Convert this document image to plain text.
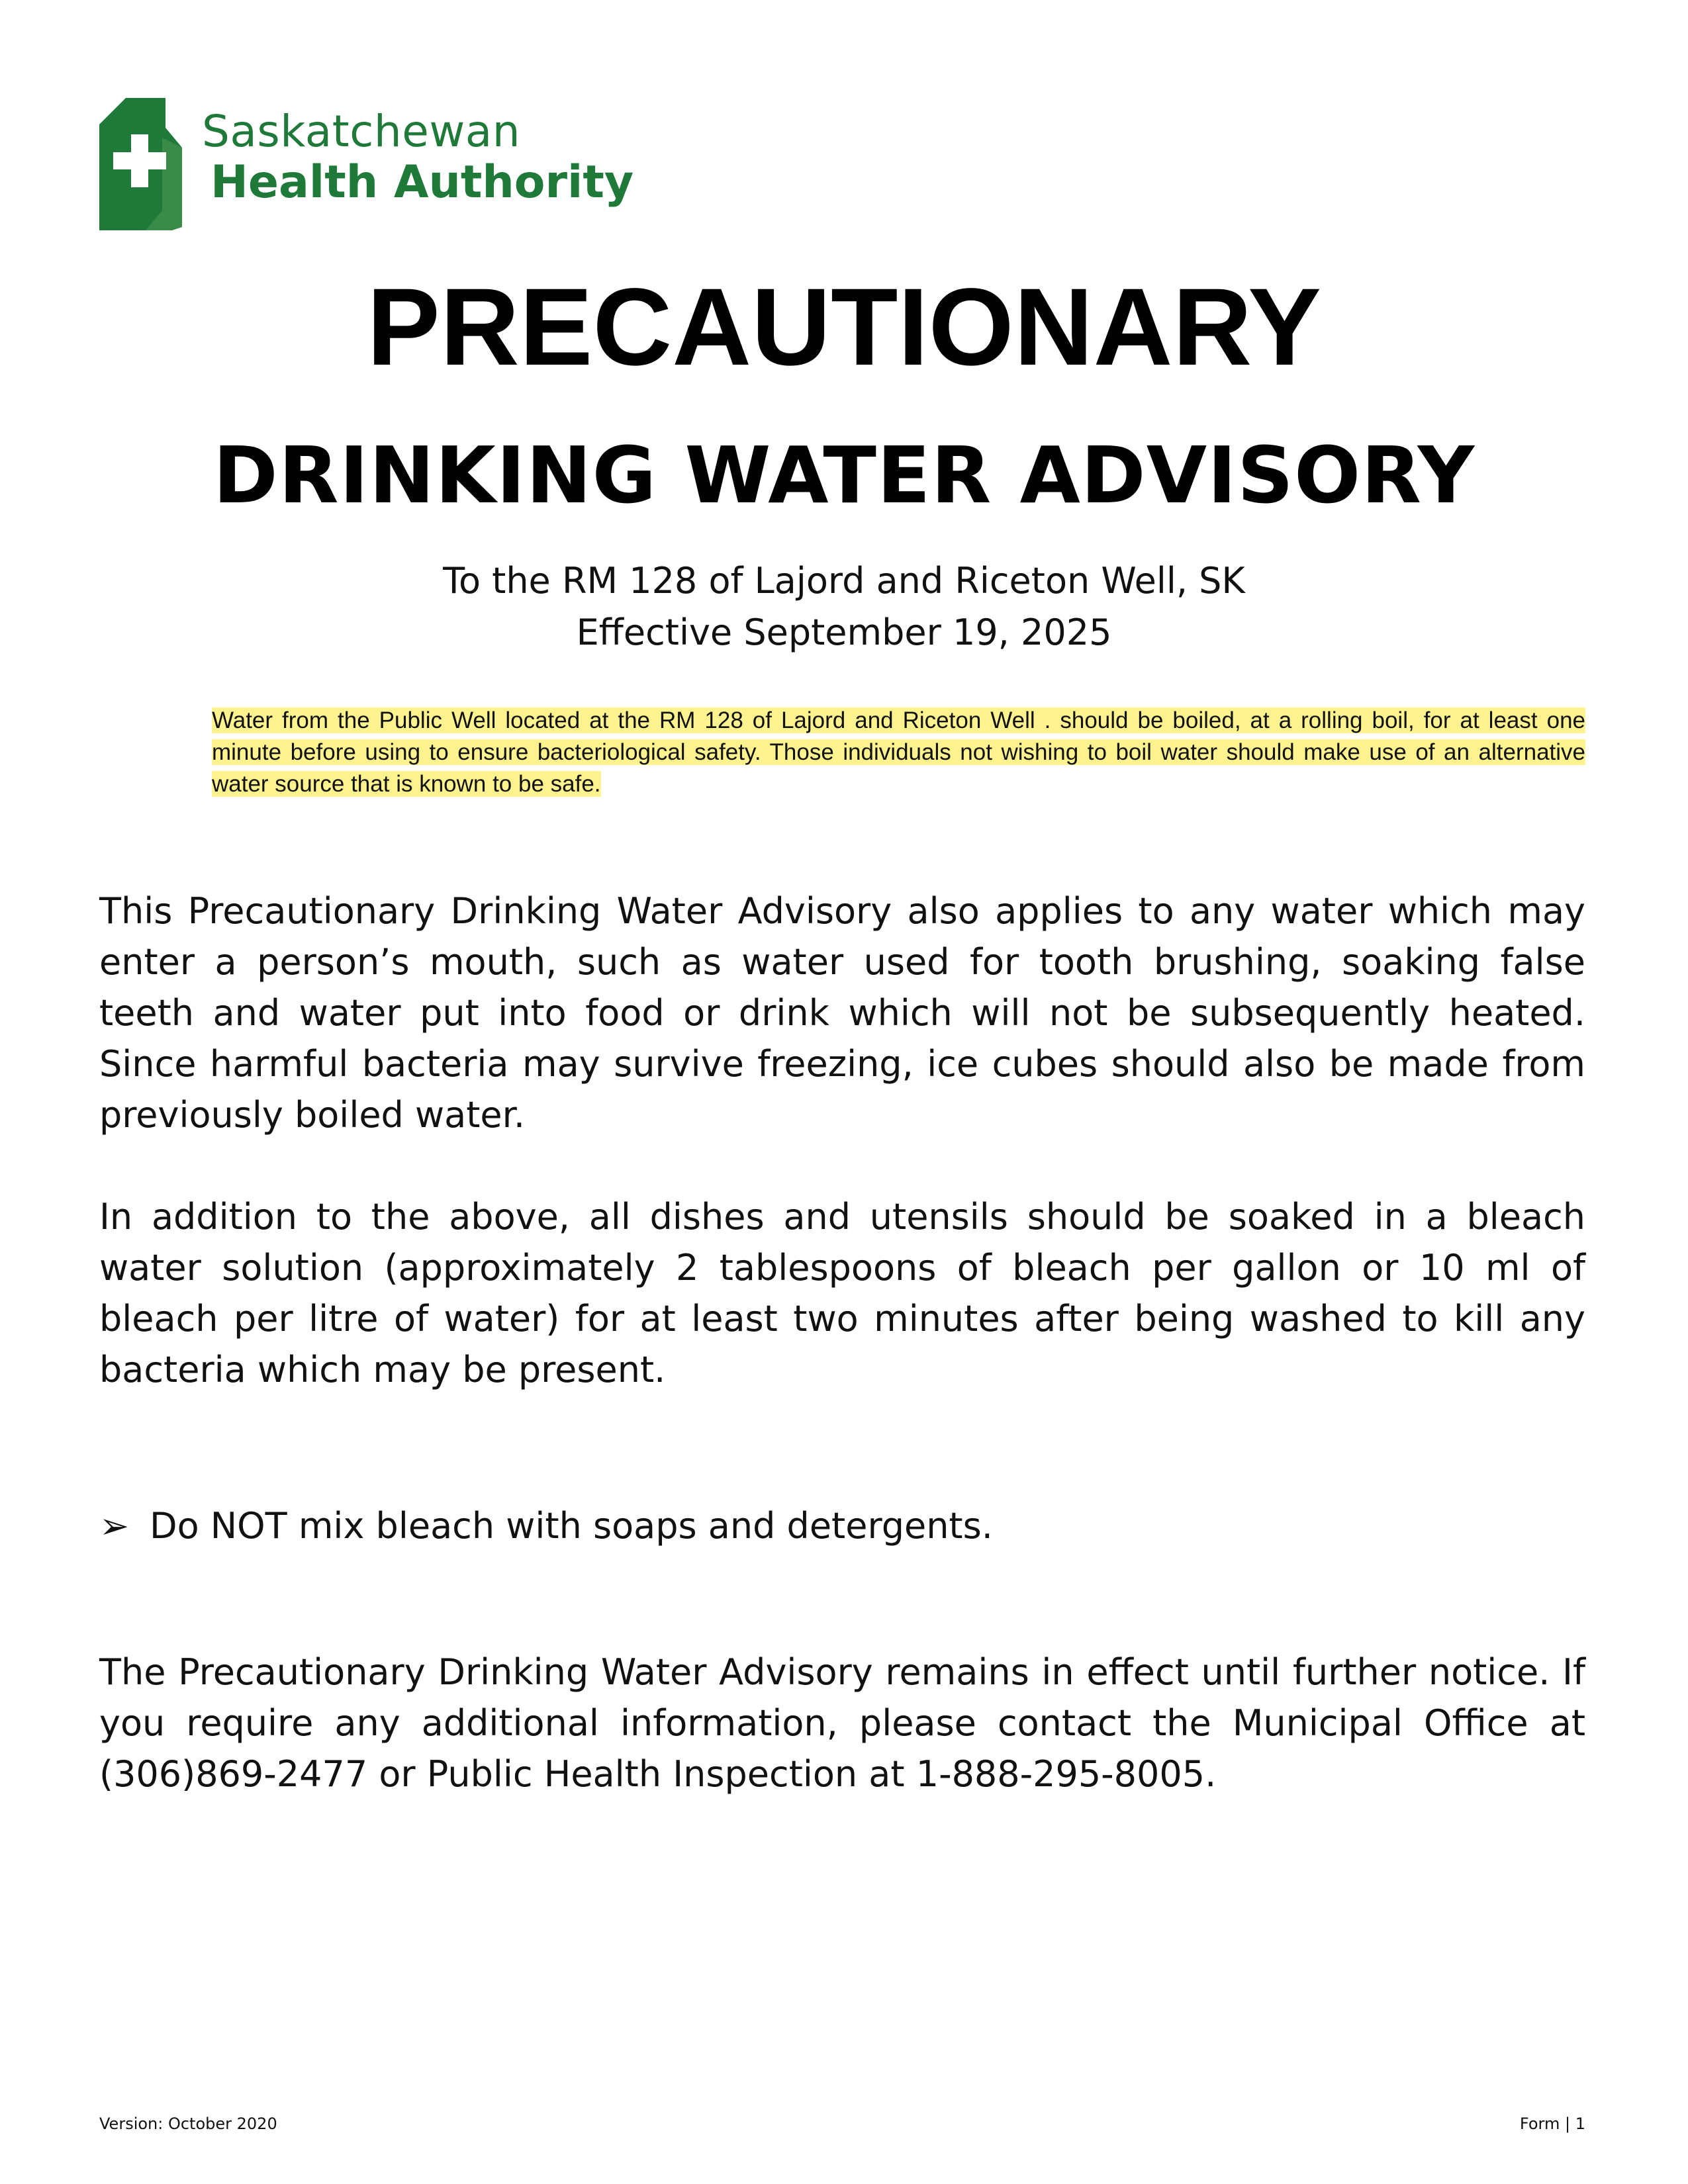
Saskatchewan
Health Authority
PRECAUTIONARY
DRINKING WATER ADVISORY
To the RM 128 of Lajord and Riceton Well, SK
Effective September 19, 2025
Water from the Public Well located at the RM 128 of Lajord and Riceton Well . should be boiled, at a rolling boil, for at least one minute before using to ensure bacteriological safety. Those individuals not wishing to boil water should make use of an alternative water source that is known to be safe.
This Precautionary Drinking Water Advisory also applies to any water which may enter a person’s mouth, such as water used for tooth brushing, soaking false teeth and water put into food or drink which will not be subsequently heated. Since harmful bacteria may survive freezing, ice cubes should also be made from previously boiled water.
In addition to the above, all dishes and utensils should be soaked in a bleach water solution (approximately 2 tablespoons of bleach per gallon or 10 ml of bleach per litre of water) for at least two minutes after being washed to kill any bacteria which may be present.
➢ Do NOT mix bleach with soaps and detergents.
The Precautionary Drinking Water Advisory remains in effect until further notice. If you require any additional information, please contact the Municipal Office at (306)869-2477 or Public Health Inspection at 1-888-295-8005.
Version: October 2020	Form | 1
